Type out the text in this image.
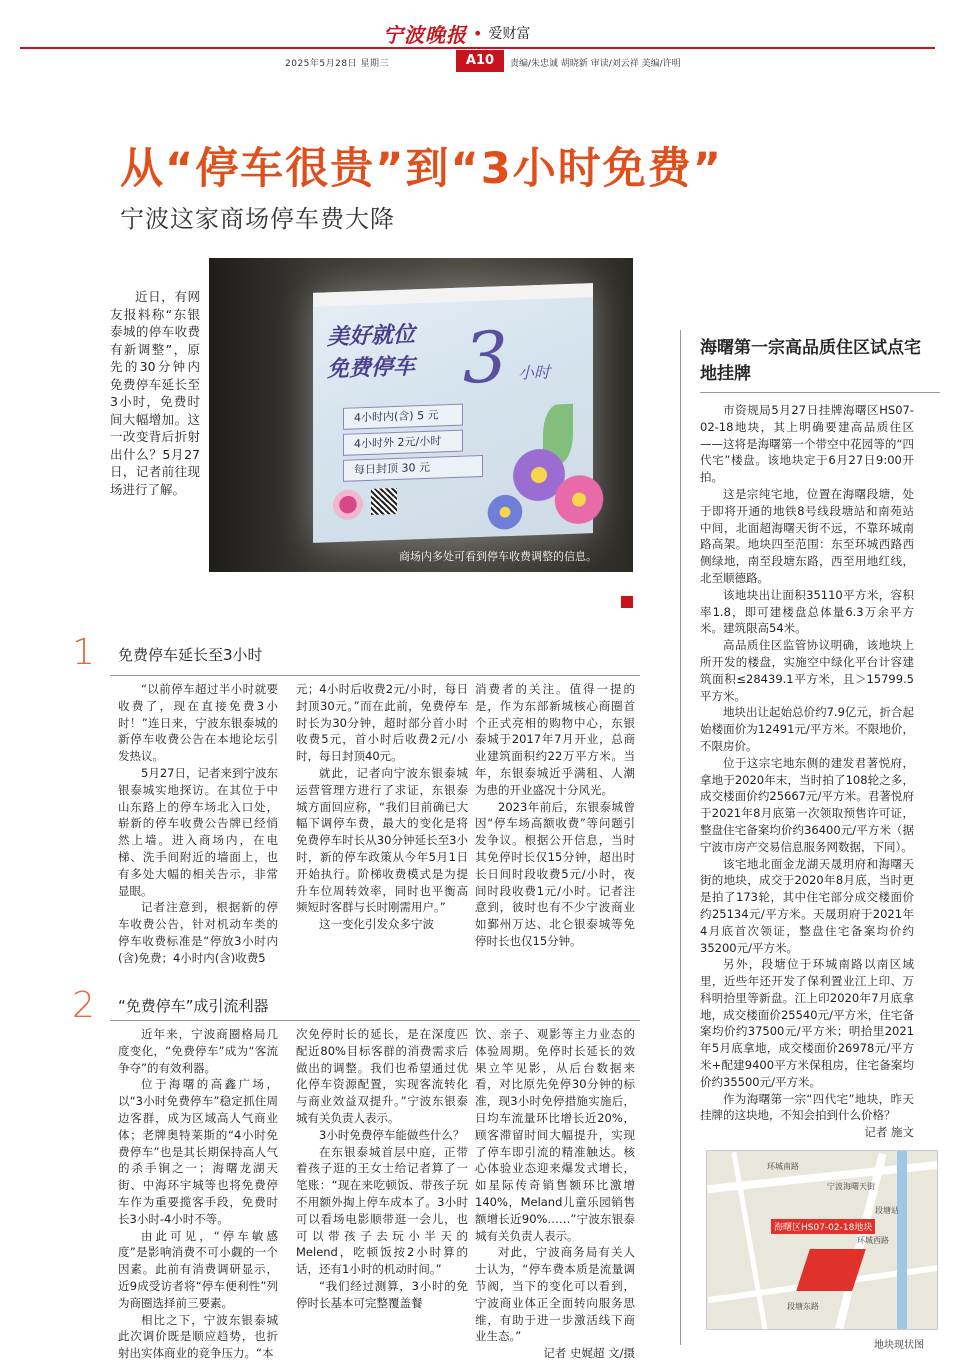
宁波晚报 • 爱财富
2025年5月28日 星期三	A10	责编/朱忠诚 胡晓新 审读/刘云祥 美编/许明
从“停车很贵”到“3小时免费”
宁波这家商场停车费大降

近日，有网友报料称“东银泰城的停车收费有新调整”，原先的30分钟内免费停车延长至3小时，免费时间大幅增加。这一改变背后折射出什么？5月27日，记者前往现场进行了解。

美好就位
免费停车 3 小时
4小时内(含) 5 元
4小时外 2元/小时
每日封顶 30 元
商场内多处可看到停车收费调整的信息。
1 免费停车延长至3小时

“以前停车超过半小时就要收费了，现在直接免费3小时！”连日来，宁波东银泰城的新停车收费公告在本地论坛引发热议。

5月27日，记者来到宁波东银泰城实地探访。在其位于中山东路上的停车场北入口处，崭新的停车收费公告牌已经悄然上墙。进入商场内，在电梯、洗手间附近的墙面上，也有多处大幅的相关告示，非常显眼。

记者注意到，根据新的停车收费公告，针对机动车类的停车收费标准是“停放3小时内(含)免费；4小时内(含)收费5

元；4小时后收费2元/小时，每日封顶30元。”而在此前，免费停车时长为30分钟，超时部分首小时收费5元，首小时后收费2元/小时，每日封顶40元。

就此，记者向宁波东银泰城运营管理方进行了求证，东银泰城方面回应称，“我们目前确已大幅下调停车费，最大的变化是将免费停车时长从30分钟延长至3小时，新的停车政策从今年5月1日开始执行。阶梯收费模式是为提升车位周转效率，同时也平衡高频短时客群与长时刚需用户。”

这一变化引发众多宁波

消费者的关注。值得一提的是，作为东部新城核心商圈首个正式亮相的购物中心，东银泰城于2017年7月开业，总商业建筑面积约22万平方米。当年，东银泰城近乎满租、人潮为患的开业盛况十分风光。

2023年前后，东银泰城曾因“停车场高额收费”等问题引发争议。根据公开信息，当时其免停时长仅15分钟，超出时长日间时段收费5元/小时，夜间时段收费1元/小时。记者注意到，彼时也有不少宁波商业如鄞州万达、北仑银泰城等免停时长也仅15分钟。

2 “免费停车”成引流利器

近年来，宁波商圈格局几度变化，“免费停车”成为“客流争夺”的有效利器。

位于海曙的高鑫广场，以“3小时免费停车”稳定抓住周边客群，成为区域高人气商业体；老牌奥特莱斯的“4小时免费停车”也是其长期保持高人气的杀手锏之一；海曙龙湖天街、中海环宇城等也将免费停车作为重要揽客手段，免费时长3小时-4小时不等。

由此可见，“停车敏感度”是影响消费不可小觑的一个因素。此前有消费调研显示，近9成受访者将“停车便利性”列为商圈选择前三要素。

相比之下，宁波东银泰城此次调价既是顺应趋势，也折射出实体商业的竞争压力。“本

次免停时长的延长，是在深度匹配近80%目标客群的消费需求后做出的调整。我们也希望通过优化停车资源配置，实现客流转化与商业效益双提升。”宁波东银泰城有关负责人表示。

3小时免费停车能做些什么？

在东银泰城首层中庭，正带着孩子逛的王女士给记者算了一笔账：“现在来吃顿饭、带孩子玩不用额外掏上停车成本了。3小时可以看场电影顺带逛一会儿，也可以带孩子去玩小半天的Melend，吃顿饭按2小时算的话，还有1小时的机动时间。”

“我们经过测算，3小时的免停时长基本可完整覆盖餐

饮、亲子、观影等主力业态的体验周期。免停时长延长的效果立竿见影，从后台数据来看，对比原先免停30分钟的标准，现3小时免停措施实施后，日均车流量环比增长近20%，顾客滞留时间大幅提升，实现了停车即引流的精准触达。核心体验业态迎来爆发式增长，如星际传奇销售额环比激增140%，Meland儿童乐园销售额增长近90%……”宁波东银泰城有关负责人表示。

对此，宁波商务局有关人士认为，“停车费本质是流量调节阀，当下的变化可以看到，宁波商业体正全面转向服务思维，有助于进一步激活线下商业生态。”

记者 史娓超 文/摄

海曙第一宗高品质住区试点宅地挂牌

市资规局5月27日挂牌海曙区HS07-02-18地块，其上明确要建高品质住区——这将是海曙第一个带空中花园等的“四代宅”楼盘。该地块定于6月27日9:00开拍。

这是宗纯宅地，位置在海曙段塘，处于即将开通的地铁8号线段塘站和南苑站中间，北面超海曙天街不远，不靠环城南路高架。地块四至范围：东至环城西路西侧绿地，南至段塘东路，西至用地红线，北至顺德路。

该地块出让面积35110平方米，容积率1.8，即可建楼盘总体量6.3万余平方米。建筑限高54米。

高品质住区监管协议明确，该地块上所开发的楼盘，实施空中绿化平台计容建筑面积≤28439.1平方米，且＞15799.5平方米。

地块出让起始总价约7.9亿元，折合起始楼面价为12491元/平方米。不限地价，不限房价。

位于这宗宅地东侧的建发君著悦府，拿地于2020年末，当时拍了108轮之多，成交楼面价约25667元/平方米。君著悦府于2021年8月底第一次领取预售许可证，整盘住宅备案均价约36400元/平方米（据宁波市房产交易信息服务网数据，下同）。

该宅地北面金龙湖天晟玥府和海曙天街的地块，成交于2020年8月底，当时更是拍了173轮，其中住宅部分成交楼面价约25134元/平方米。天晟玥府于2021年4月底首次领证，整盘住宅备案均价约35200元/平方米。

另外，段塘位于环城南路以南区域里，近些年还开发了保利置业江上印、万科明拾里等新盘。江上印2020年7月底拿地，成交楼面价25540元/平方米，住宅备案均价约37500元/平方米；明拾里2021年5月底拿地，成交楼面价26978元/平方米+配建9400平方米保租房，住宅备案均价约35500元/平方米。

作为海曙第一宗“四代宅”地块，昨天挂牌的这块地，不知会拍到什么价格？

记者 施文

海曙区HS07-02-18地块
环城南路
段塘站
宁波海曙天街
环城西路
段塘东路
地块现状图
